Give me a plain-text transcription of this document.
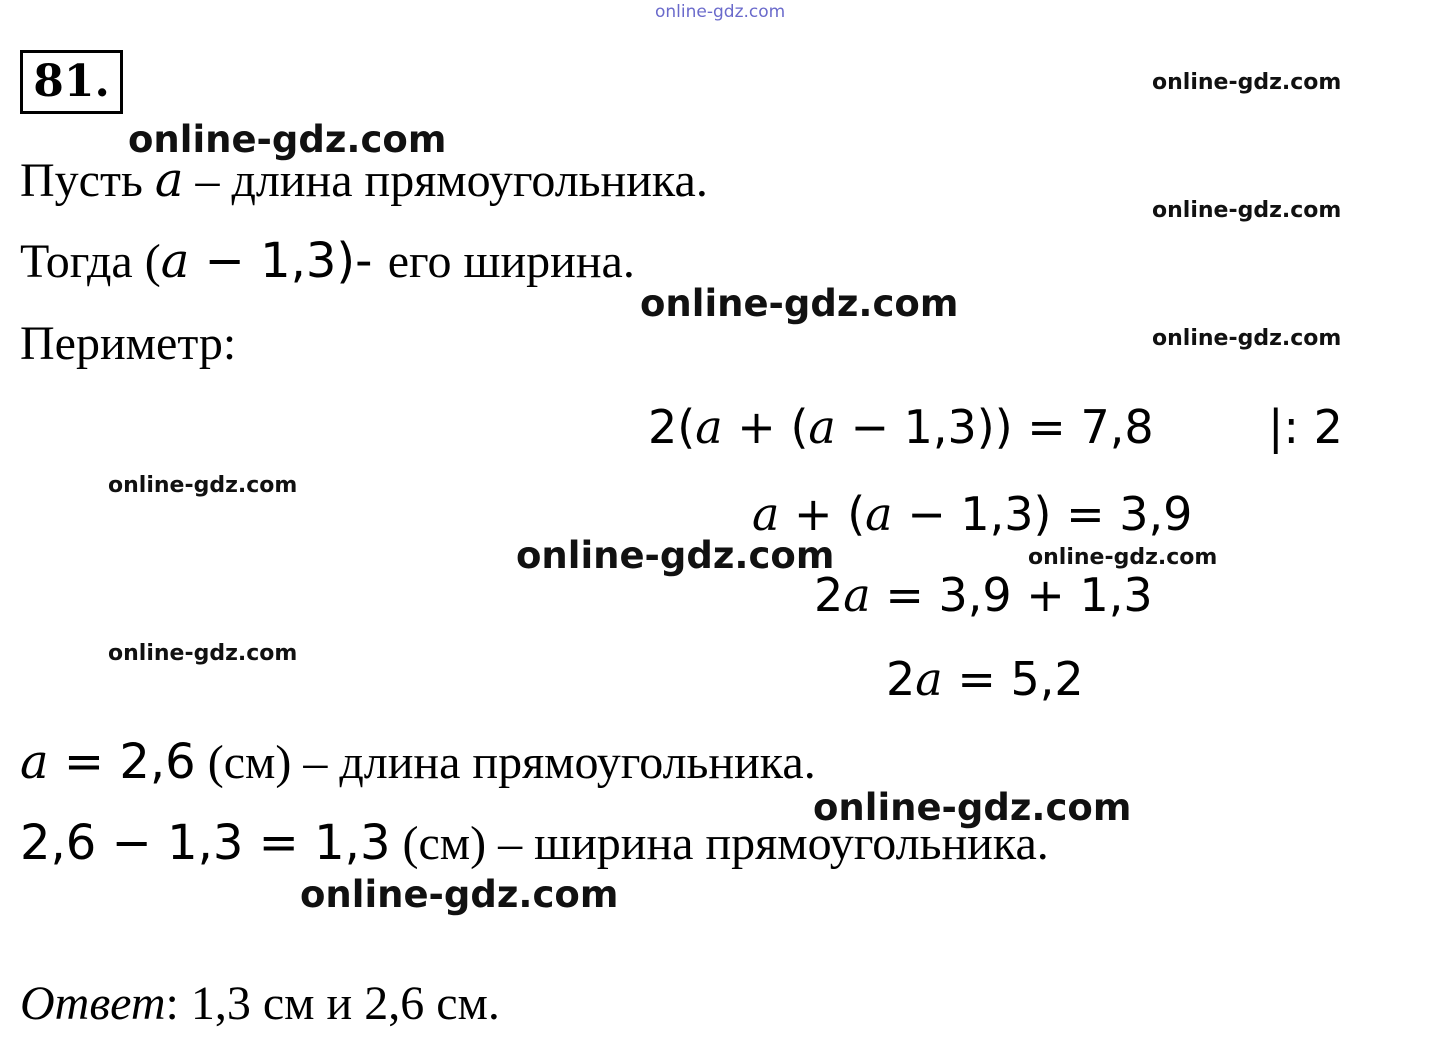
online-gdz.com
online-gdz.com
online-gdz.com
online-gdz.com
online-gdz.com
online-gdz.com
online-gdz.com
online-gdz.com
online-gdz.com
online-gdz.com
online-gdz.com
online-gdz.com
81.
Пусть a – длина прямоугольника.
Тогда (a − 1,3)- его ширина.
Периметр:
2(a + (a − 1,3)) = 7,8 |: 2
a + (a − 1,3) = 3,9
2a = 3,9 + 1,3
2a = 5,2
a = 2,6 (см) – длина прямоугольника.
2,6 − 1,3 = 1,3 (см) – ширина прямоугольника.
Ответ: 1,3 см и 2,6 см.
